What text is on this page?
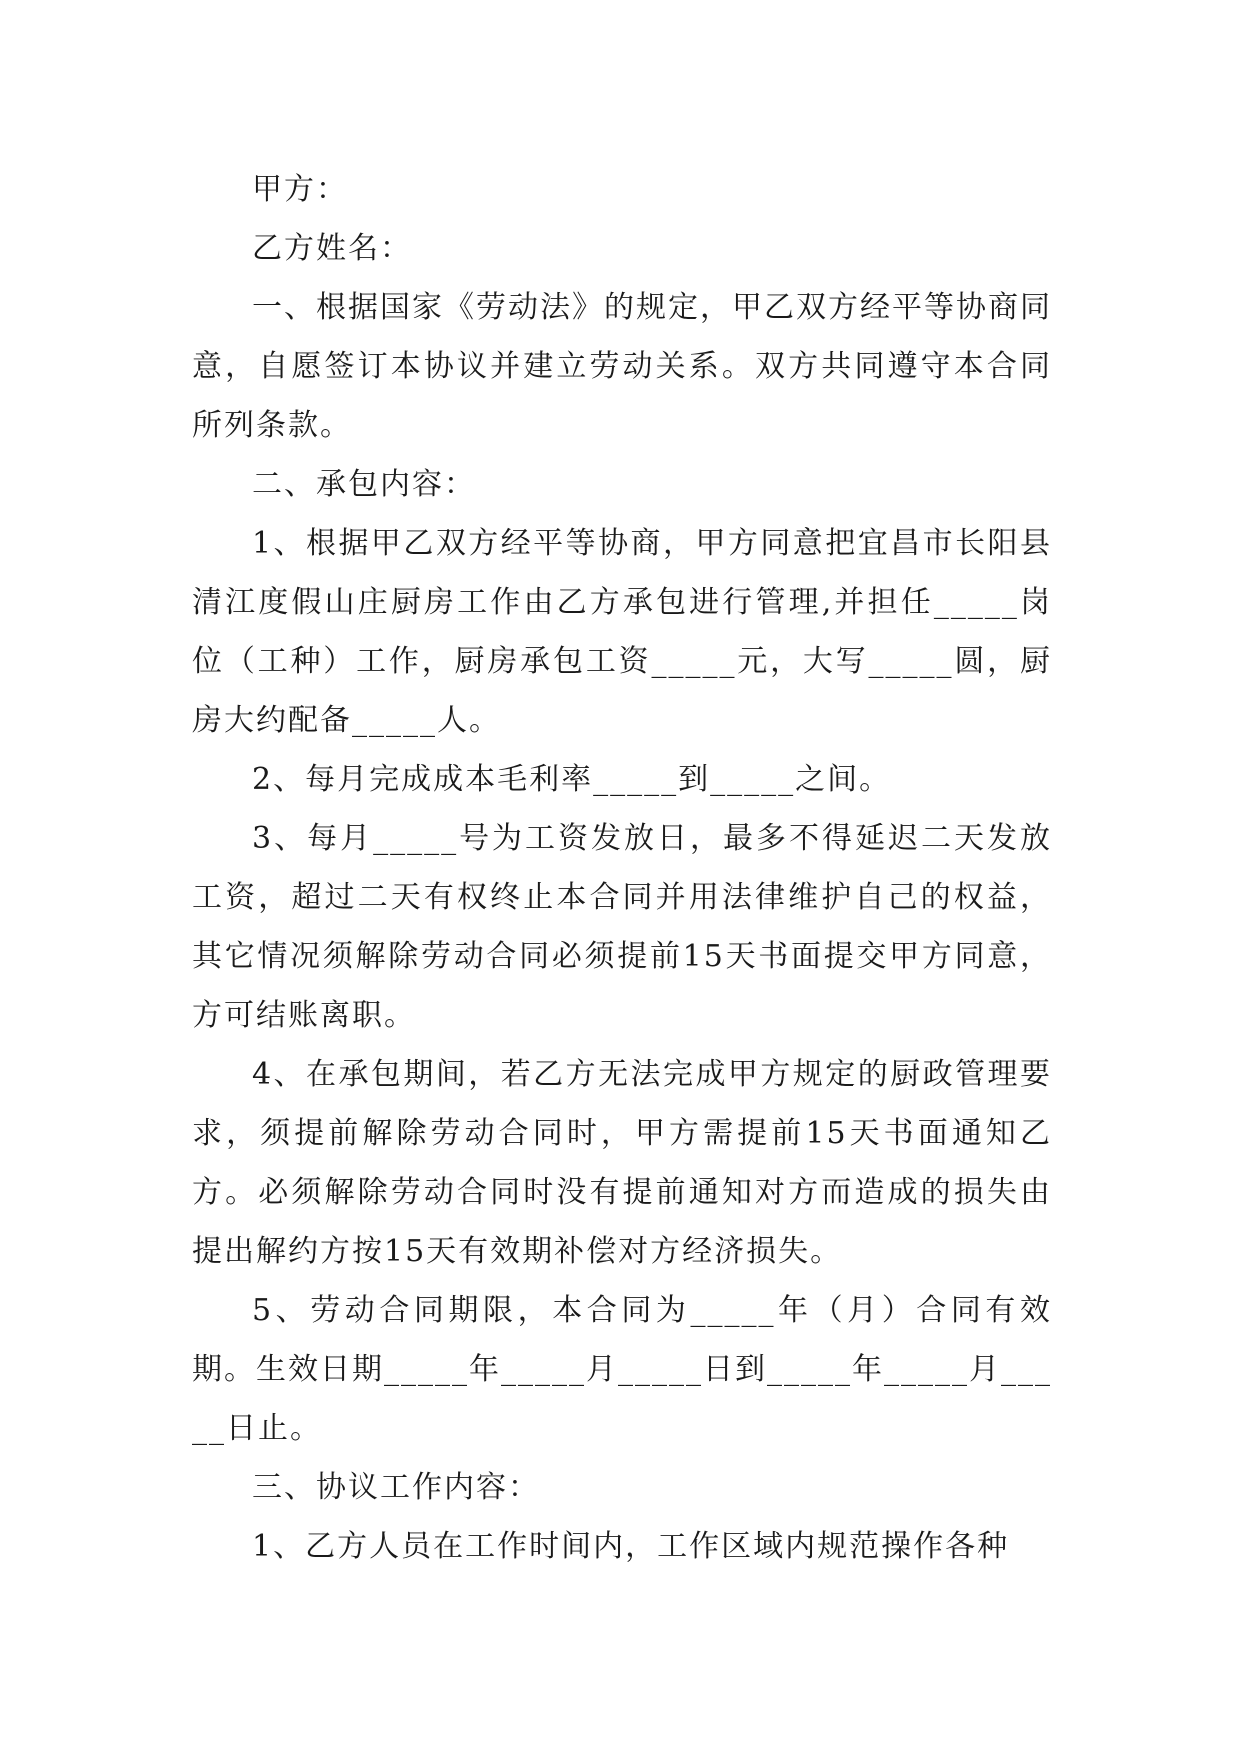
甲方：

乙方姓名：

一、根据国家《劳动法》的规定，甲乙双方经平等协商同意，自愿签订本协议并建立劳动关系。双方共同遵守本合同所列条款。

二、承包内容：

1、根据甲乙双方经平等协商，甲方同意把宜昌市长阳县清江度假山庄厨房工作由乙方承包进行管理,并担任_____岗位（工种）工作，厨房承包工资_____元，大写_____圆，厨房大约配备_____人。

2、每月完成成本毛利率_____到_____之间。

3、每月_____号为工资发放日，最多不得延迟二天发放工资，超过二天有权终止本合同并用法律维护自己的权益，其它情况须解除劳动合同必须提前15天书面提交甲方同意，方可结账离职。

4、在承包期间，若乙方无法完成甲方规定的厨政管理要求，须提前解除劳动合同时，甲方需提前15天书面通知乙方。必须解除劳动合同时没有提前通知对方而造成的损失由提出解约方按15天有效期补偿对方经济损失。

5、劳动合同期限，本合同为_____年（月）合同有效期。生效日期_____年_____月_____日到_____年_____月_____日止。

三、协议工作内容：

1、乙方人员在工作时间内，工作区域内规范操作各种
